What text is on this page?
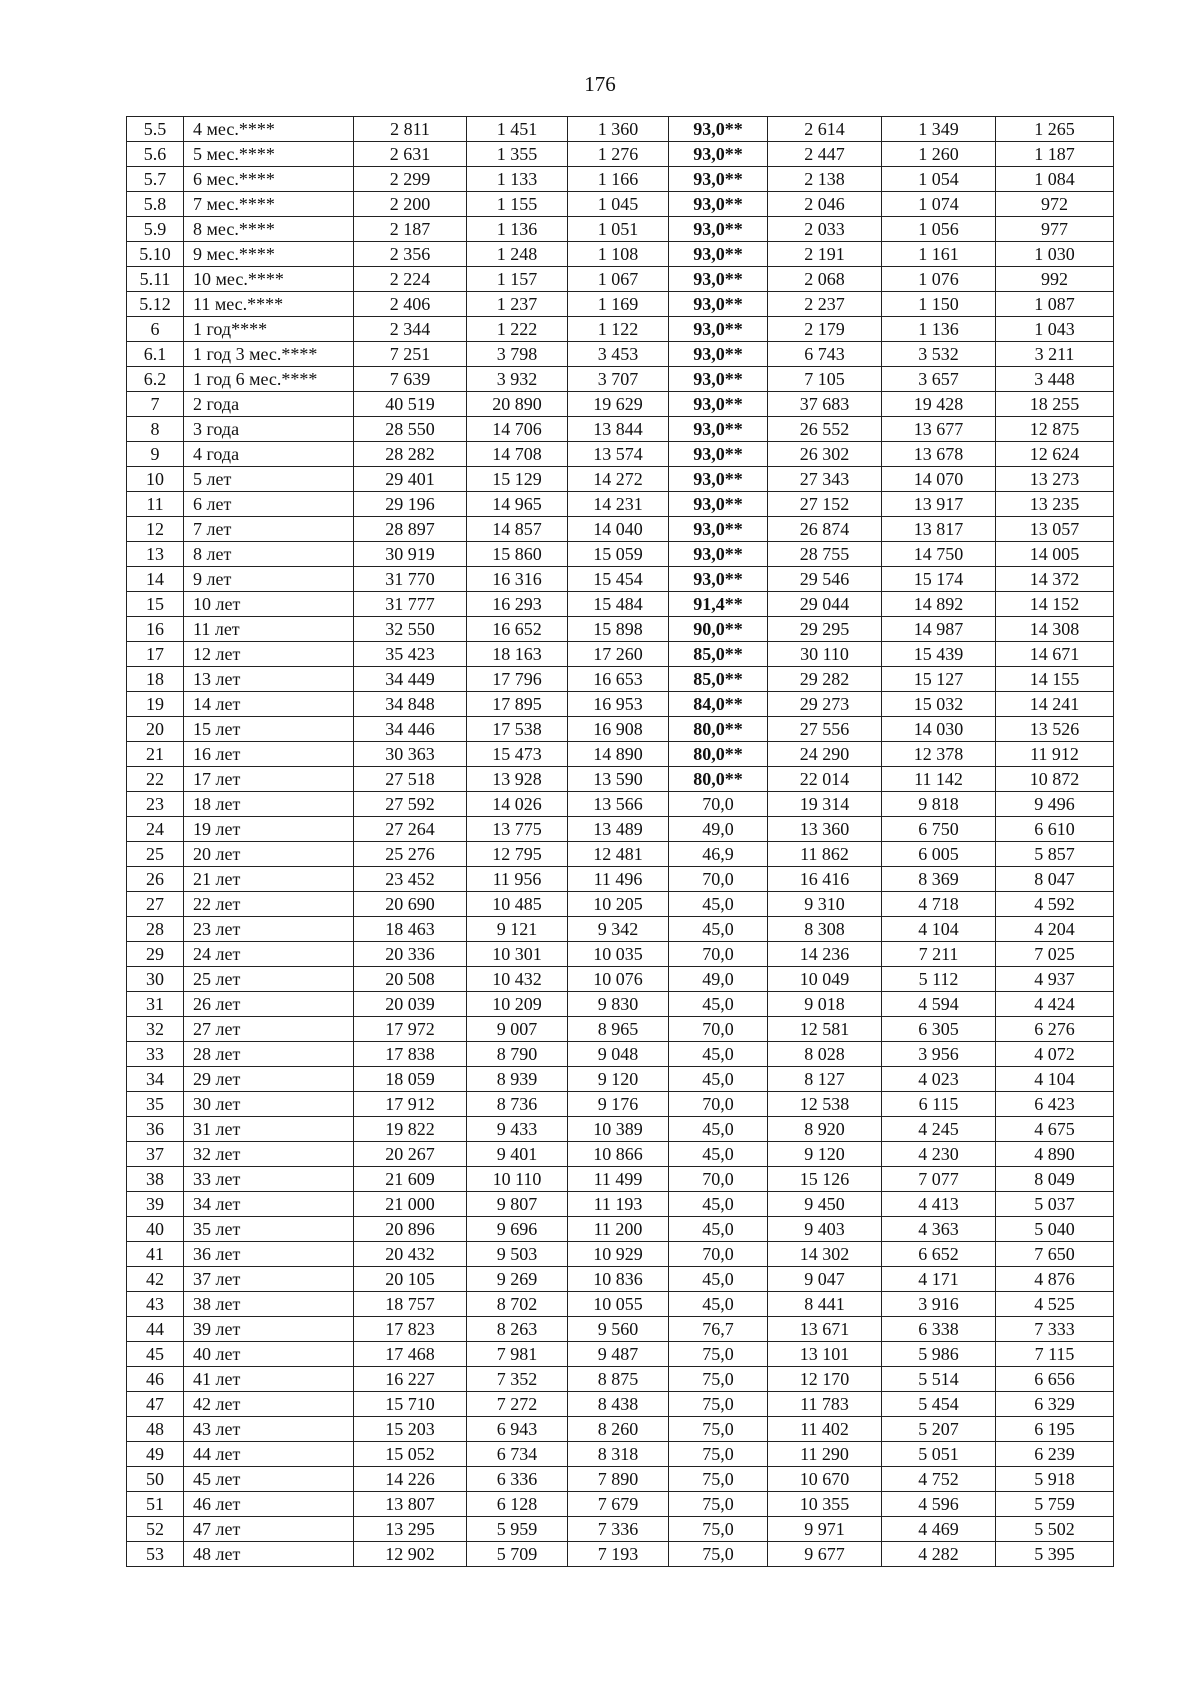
176
5.5	4 мес.****	2 811	1 451	1 360	93,0**	2 614	1 349	1 265
5.6	5 мес.****	2 631	1 355	1 276	93,0**	2 447	1 260	1 187
5.7	6 мес.****	2 299	1 133	1 166	93,0**	2 138	1 054	1 084
5.8	7 мес.****	2 200	1 155	1 045	93,0**	2 046	1 074	972
5.9	8 мес.****	2 187	1 136	1 051	93,0**	2 033	1 056	977
5.10	9 мес.****	2 356	1 248	1 108	93,0**	2 191	1 161	1 030
5.11	10 мес.****	2 224	1 157	1 067	93,0**	2 068	1 076	992
5.12	11 мес.****	2 406	1 237	1 169	93,0**	2 237	1 150	1 087
6	1 год****	2 344	1 222	1 122	93,0**	2 179	1 136	1 043
6.1	1 год 3 мес.****	7 251	3 798	3 453	93,0**	6 743	3 532	3 211
6.2	1 год 6 мес.****	7 639	3 932	3 707	93,0**	7 105	3 657	3 448
7	2 года	40 519	20 890	19 629	93,0**	37 683	19 428	18 255
8	3 года	28 550	14 706	13 844	93,0**	26 552	13 677	12 875
9	4 года	28 282	14 708	13 574	93,0**	26 302	13 678	12 624
10	5 лет	29 401	15 129	14 272	93,0**	27 343	14 070	13 273
11	6 лет	29 196	14 965	14 231	93,0**	27 152	13 917	13 235
12	7 лет	28 897	14 857	14 040	93,0**	26 874	13 817	13 057
13	8 лет	30 919	15 860	15 059	93,0**	28 755	14 750	14 005
14	9 лет	31 770	16 316	15 454	93,0**	29 546	15 174	14 372
15	10 лет	31 777	16 293	15 484	91,4**	29 044	14 892	14 152
16	11 лет	32 550	16 652	15 898	90,0**	29 295	14 987	14 308
17	12 лет	35 423	18 163	17 260	85,0**	30 110	15 439	14 671
18	13 лет	34 449	17 796	16 653	85,0**	29 282	15 127	14 155
19	14 лет	34 848	17 895	16 953	84,0**	29 273	15 032	14 241
20	15 лет	34 446	17 538	16 908	80,0**	27 556	14 030	13 526
21	16 лет	30 363	15 473	14 890	80,0**	24 290	12 378	11 912
22	17 лет	27 518	13 928	13 590	80,0**	22 014	11 142	10 872
23	18 лет	27 592	14 026	13 566	70,0	19 314	9 818	9 496
24	19 лет	27 264	13 775	13 489	49,0	13 360	6 750	6 610
25	20 лет	25 276	12 795	12 481	46,9	11 862	6 005	5 857
26	21 лет	23 452	11 956	11 496	70,0	16 416	8 369	8 047
27	22 лет	20 690	10 485	10 205	45,0	9 310	4 718	4 592
28	23 лет	18 463	9 121	9 342	45,0	8 308	4 104	4 204
29	24 лет	20 336	10 301	10 035	70,0	14 236	7 211	7 025
30	25 лет	20 508	10 432	10 076	49,0	10 049	5 112	4 937
31	26 лет	20 039	10 209	9 830	45,0	9 018	4 594	4 424
32	27 лет	17 972	9 007	8 965	70,0	12 581	6 305	6 276
33	28 лет	17 838	8 790	9 048	45,0	8 028	3 956	4 072
34	29 лет	18 059	8 939	9 120	45,0	8 127	4 023	4 104
35	30 лет	17 912	8 736	9 176	70,0	12 538	6 115	6 423
36	31 лет	19 822	9 433	10 389	45,0	8 920	4 245	4 675
37	32 лет	20 267	9 401	10 866	45,0	9 120	4 230	4 890
38	33 лет	21 609	10 110	11 499	70,0	15 126	7 077	8 049
39	34 лет	21 000	9 807	11 193	45,0	9 450	4 413	5 037
40	35 лет	20 896	9 696	11 200	45,0	9 403	4 363	5 040
41	36 лет	20 432	9 503	10 929	70,0	14 302	6 652	7 650
42	37 лет	20 105	9 269	10 836	45,0	9 047	4 171	4 876
43	38 лет	18 757	8 702	10 055	45,0	8 441	3 916	4 525
44	39 лет	17 823	8 263	9 560	76,7	13 671	6 338	7 333
45	40 лет	17 468	7 981	9 487	75,0	13 101	5 986	7 115
46	41 лет	16 227	7 352	8 875	75,0	12 170	5 514	6 656
47	42 лет	15 710	7 272	8 438	75,0	11 783	5 454	6 329
48	43 лет	15 203	6 943	8 260	75,0	11 402	5 207	6 195
49	44 лет	15 052	6 734	8 318	75,0	11 290	5 051	6 239
50	45 лет	14 226	6 336	7 890	75,0	10 670	4 752	5 918
51	46 лет	13 807	6 128	7 679	75,0	10 355	4 596	5 759
52	47 лет	13 295	5 959	7 336	75,0	9 971	4 469	5 502
53	48 лет	12 902	5 709	7 193	75,0	9 677	4 282	5 395
